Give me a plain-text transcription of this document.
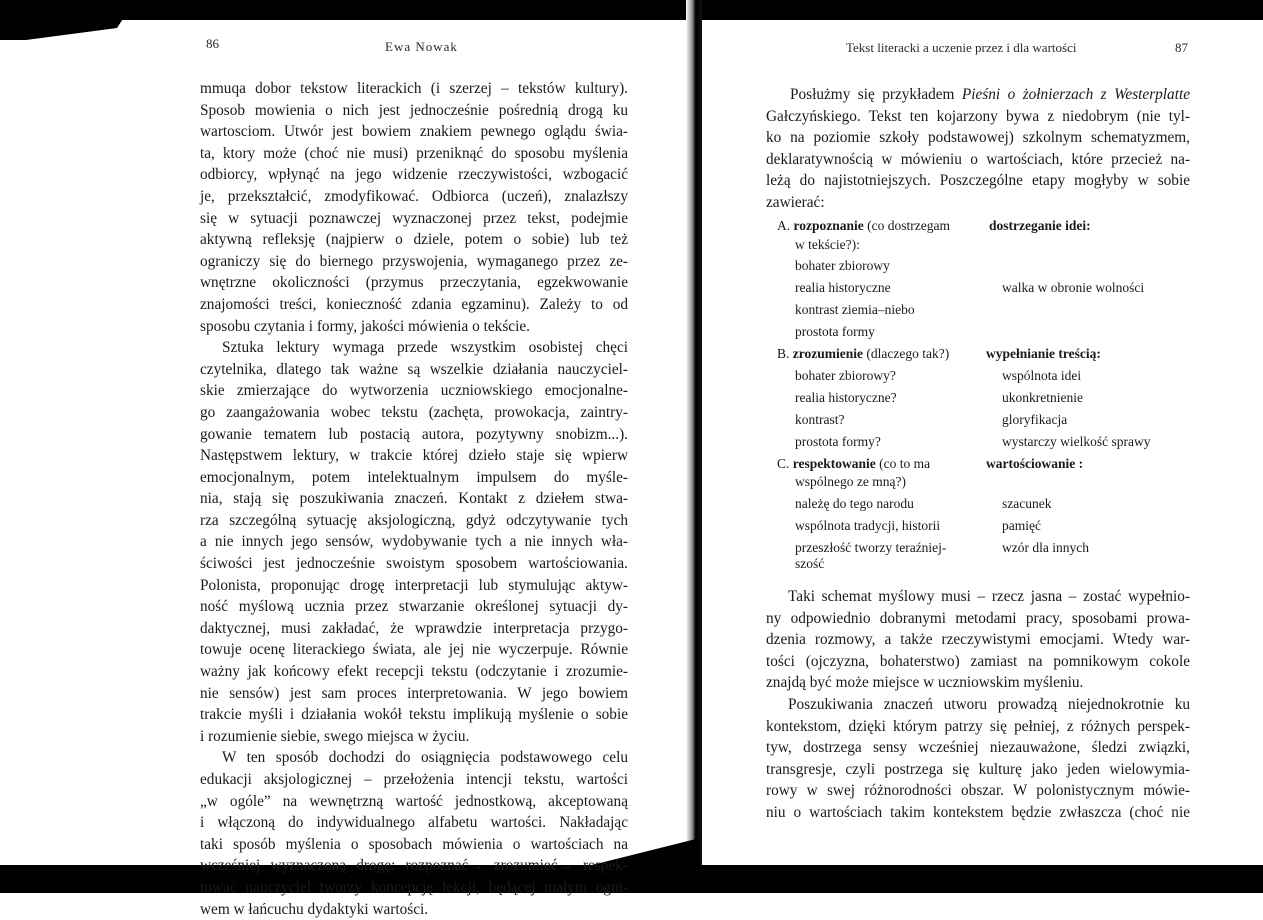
86	Ewa Nowak
mmuqa dobor tekstow literackich (i szerzej – tekstów kultury).
Sposob mowienia o nich jest jednocześnie pośrednią drogą ku
wartosciom. Utwór jest bowiem znakiem pewnego oglądu świa-
ta, ktory może (choć nie musi) przeniknąć do sposobu myślenia
odbiorcy, wpłynąć na jego widzenie rzeczywistości, wzbogacić
je, przekształcić, zmodyfikować. Odbiorca (uczeń), znalazłszy
się w sytuacji poznawczej wyznaczonej przez tekst, podejmie
aktywną refleksję (najpierw o dziele, potem o sobie) lub też
ograniczy się do biernego przyswojenia, wymaganego przez ze-
wnętrzne okoliczności (przymus przeczytania, egzekwowanie
znajomości treści, konieczność zdania egzaminu). Zależy to od
sposobu czytania i formy, jakości mówienia o tekście.
Sztuka lektury wymaga przede wszystkim osobistej chęci
czytelnika, dlatego tak ważne są wszelkie działania nauczyciel-
skie zmierzające do wytworzenia uczniowskiego emocjonalne-
go zaangażowania wobec tekstu (zachęta, prowokacja, zaintry-
gowanie tematem lub postacią autora, pozytywny snobizm...).
Następstwem lektury, w trakcie której dzieło staje się wpierw
emocjonalnym, potem intelektualnym impulsem do myśle-
nia, stają się poszukiwania znaczeń. Kontakt z dziełem stwa-
rza szczególną sytuację aksjologiczną, gdyż odczytywanie tych
a nie innych jego sensów, wydobywanie tych a nie innych wła-
ściwości jest jednocześnie swoistym sposobem wartościowania.
Polonista, proponując drogę interpretacji lub stymulując aktyw-
ność myślową ucznia przez stwarzanie określonej sytuacji dy-
daktycznej, musi zakładać, że wprawdzie interpretacja przygo-
towuje ocenę literackiego świata, ale jej nie wyczerpuje. Równie
ważny jak końcowy efekt recepcji tekstu (odczytanie i zrozumie-
nie sensów) jest sam proces interpretowania. W jego bowiem
trakcie myśli i działania wokół tekstu implikują myślenie o sobie
i rozumienie siebie, swego miejsca w życiu.
W ten sposób dochodzi do osiągnięcia podstawowego celu
edukacji aksjologicznej – przełożenia intencji tekstu, wartości
„w ogóle” na wewnętrzną wartość jednostkową, akceptowaną
i włączoną do indywidualnego alfabetu wartości. Nakładając
taki sposób myślenia o sposobach mówienia o wartościach na
wcześniej wyznaczoną drogę: rozpoznać→ zrozumieć→ respek-
tować nauczyciel tworzy koncepcję lekcji, będącej małym ogni-
wem w łańcuchu dydaktyki wartości.
Tekst literacki a uczenie przez i dla wartości	87
Posłużmy się przykładem Pieśni o żołnierzach z Westerplatte
Gałczyńskiego. Tekst ten kojarzony bywa z niedobrym (nie tyl-
ko na poziomie szkoły podstawowej) szkolnym schematyzmem,
deklaratywnością w mówieniu o wartościach, które przecież na-
leżą do najistotniejszych. Poszczególne etapy mogłyby w sobie
zawierać:
A. rozpoznanie (co dostrzegam
w tekście?):
dostrzeganie idei:
bohater zbiorowy
realia historyczne	walka w obronie wolności
kontrast ziemia–niebo
prostota formy
B. zrozumienie (dlaczego tak?)	wypełnianie treścią:
bohater zbiorowy?	wspólnota idei
realia historyczne?	ukonkretnienie
kontrast?	gloryfikacja
prostota formy?	wystarczy wielkość sprawy
C. respektowanie (co to ma
wspólnego ze mną?)
wartościowanie :
należę do tego narodu	szacunek
wspólnota tradycji, historii	pamięć
przeszłość tworzy teraźniej-	wzór dla innych
szość
Taki schemat myślowy musi – rzecz jasna – zostać wypełnio-
ny odpowiednio dobranymi metodami pracy, sposobami prowa-
dzenia rozmowy, a także rzeczywistymi emocjami. Wtedy war-
tości (ojczyzna, bohaterstwo) zamiast na pomnikowym cokole
znajdą być może miejsce w uczniowskim myśleniu.
Poszukiwania znaczeń utworu prowadzą niejednokrotnie ku
kontekstom, dzięki którym patrzy się pełniej, z różnych perspek-
tyw, dostrzega sensy wcześniej niezauważone, śledzi związki,
transgresje, czyli postrzega się kulturę jako jeden wielowymia-
rowy w swej różnorodności obszar. W polonistycznym mówie-
niu o wartościach takim kontekstem będzie zwłaszcza (choć nie
